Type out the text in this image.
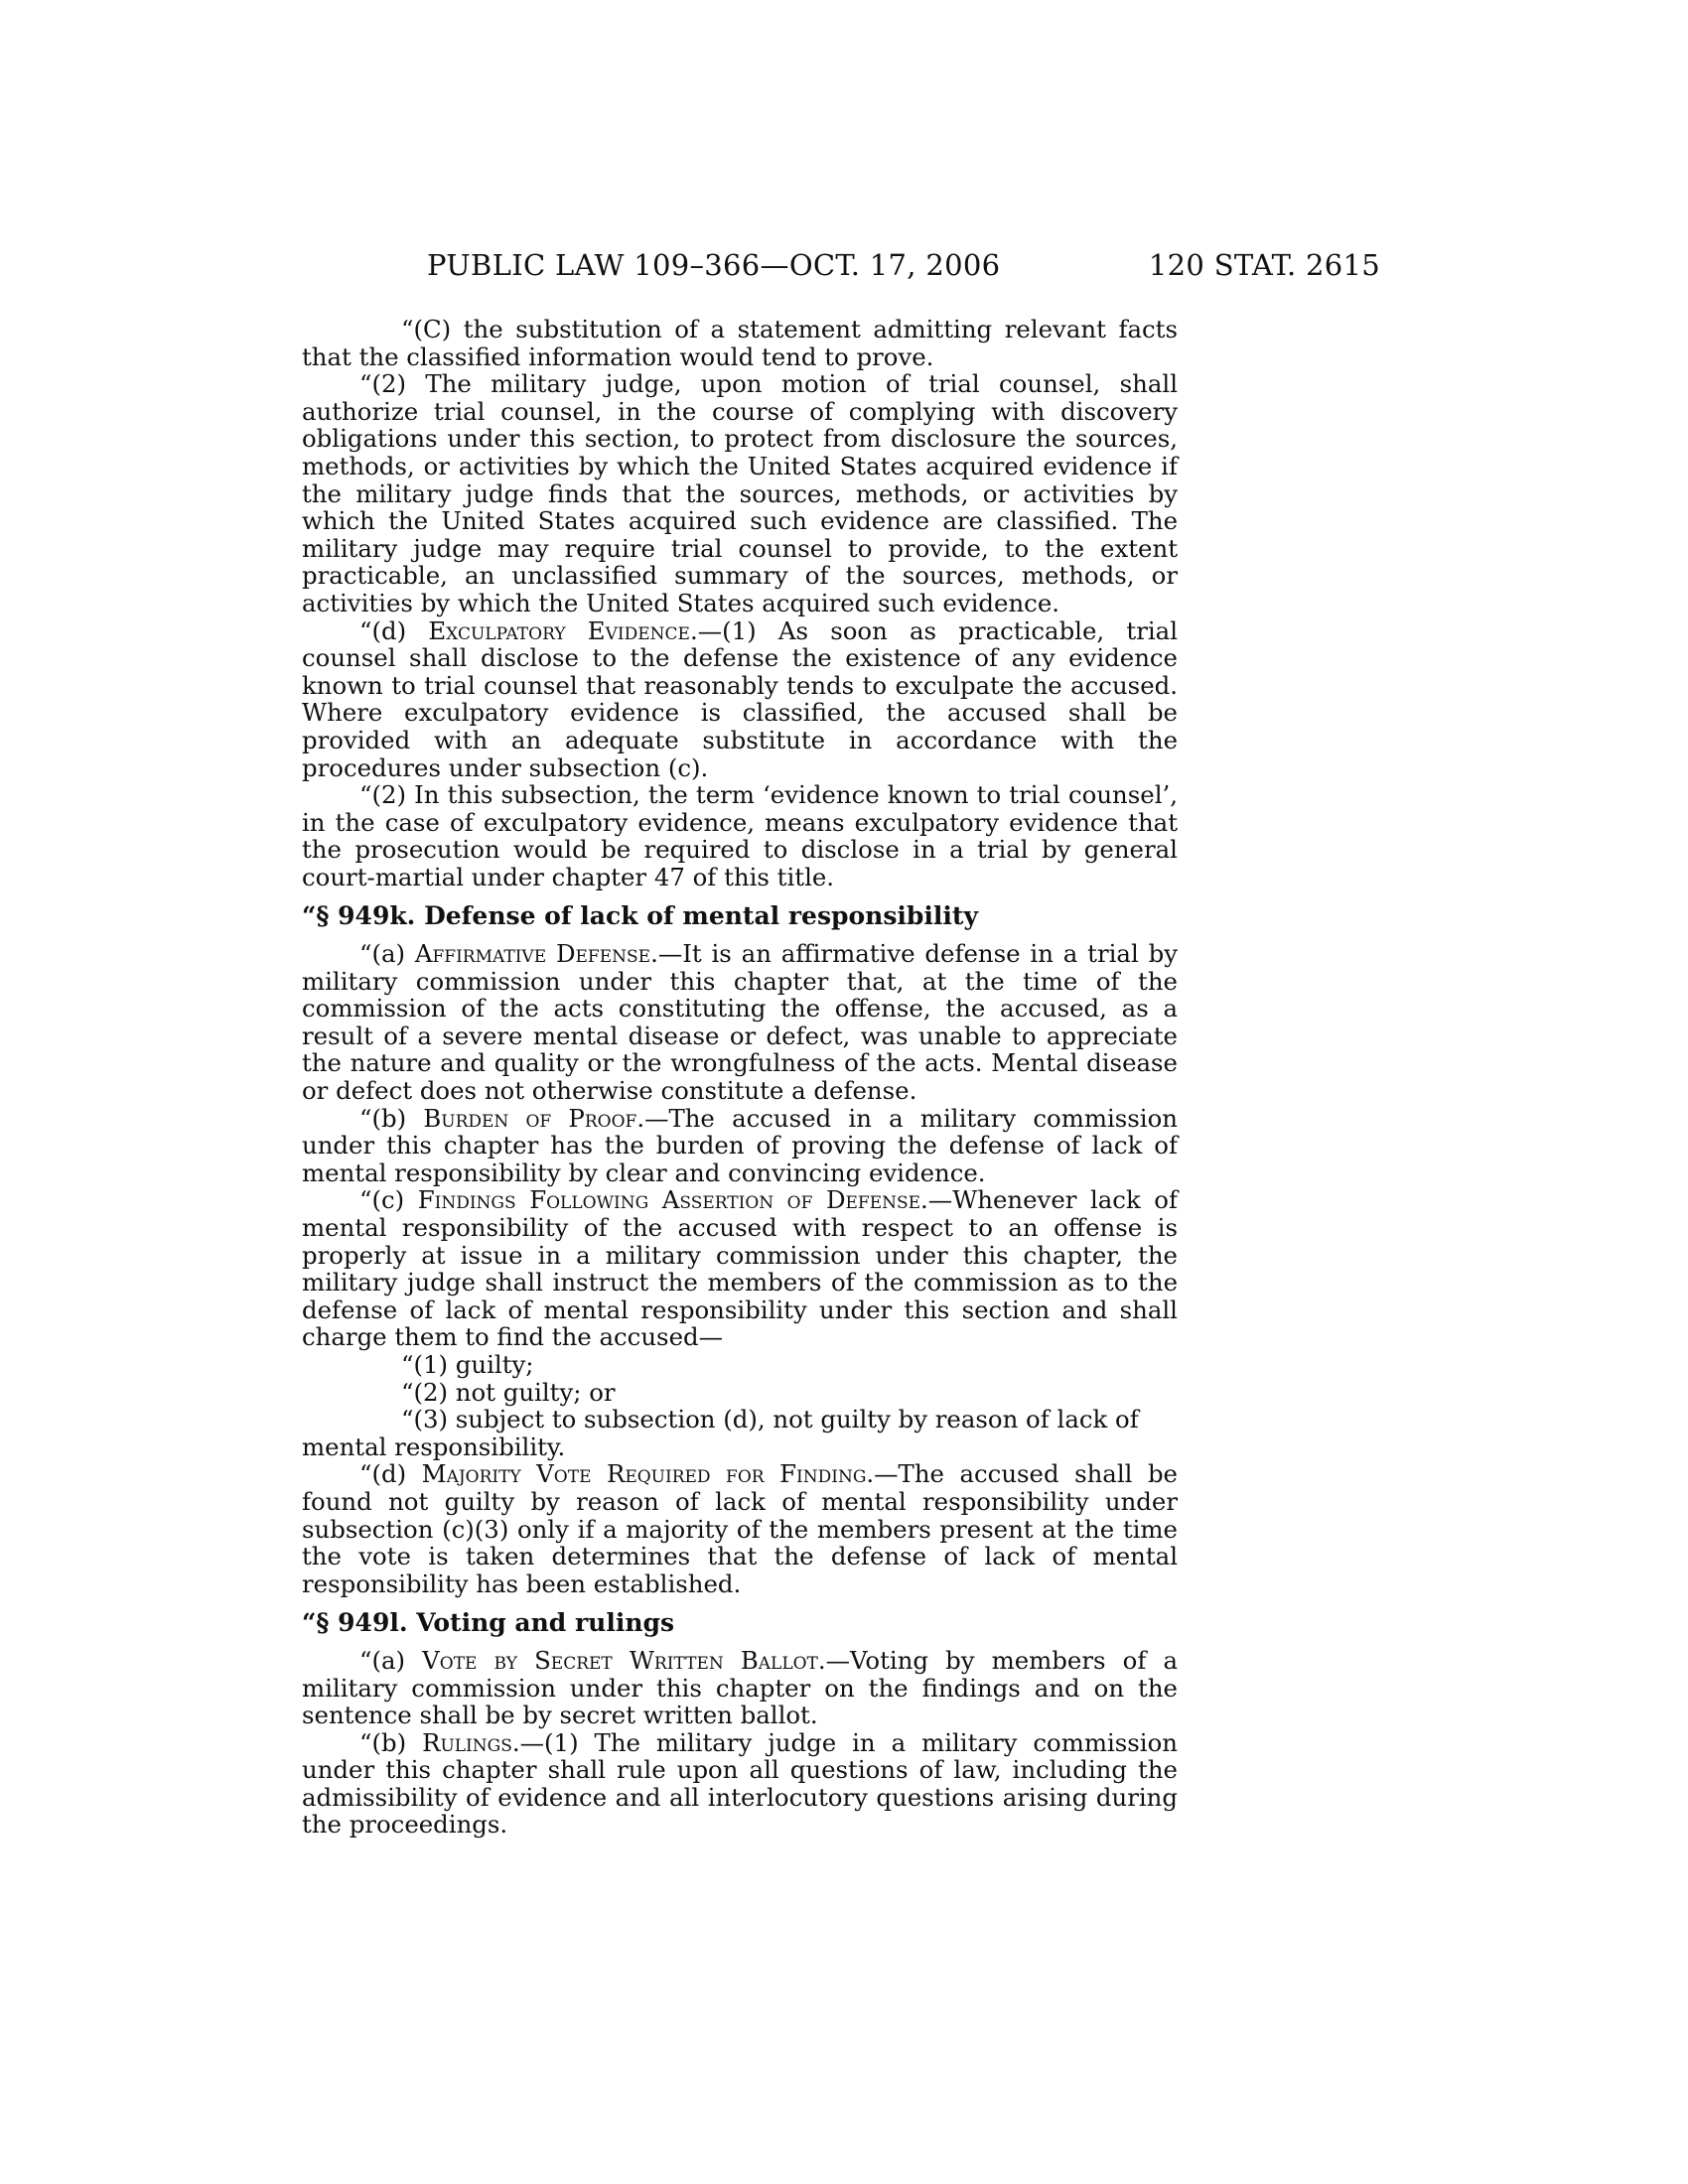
PUBLIC LAW 109–366—OCT. 17, 2006	120 STAT. 2615

“(C) the substitution of a statement admitting relevant facts that the classified information would tend to prove.

“(2) The military judge, upon motion of trial counsel, shall authorize trial counsel, in the course of complying with discovery obligations under this section, to protect from disclosure the sources, methods, or activities by which the United States acquired evidence if the military judge finds that the sources, methods, or activities by which the United States acquired such evidence are classified. The military judge may require trial counsel to provide, to the extent practicable, an unclassified summary of the sources, methods, or activities by which the United States acquired such evidence.

“(d) Exculpatory Evidence.—(1) As soon as practicable, trial counsel shall disclose to the defense the existence of any evidence known to trial counsel that reasonably tends to exculpate the accused. Where exculpatory evidence is classified, the accused shall be provided with an adequate substitute in accordance with the procedures under subsection (c).

“(2) In this subsection, the term ‘evidence known to trial counsel’, in the case of exculpatory evidence, means exculpatory evidence that the prosecution would be required to disclose in a trial by general court-martial under chapter 47 of this title.

“§ 949k. Defense of lack of mental responsibility

“(a) Affirmative Defense.—It is an affirmative defense in a trial by military commission under this chapter that, at the time of the commission of the acts constituting the offense, the accused, as a result of a severe mental disease or defect, was unable to appreciate the nature and quality or the wrongfulness of the acts. Mental disease or defect does not otherwise constitute a defense.

“(b) Burden of Proof.—The accused in a military commission under this chapter has the burden of proving the defense of lack of mental responsibility by clear and convincing evidence.

“(c) Findings Following Assertion of Defense.—Whenever lack of mental responsibility of the accused with respect to an offense is properly at issue in a military commission under this chapter, the military judge shall instruct the members of the commission as to the defense of lack of mental responsibility under this section and shall charge them to find the accused—

“(1) guilty;

“(2) not guilty; or

“(3) subject to subsection (d), not guilty by reason of lack of mental responsibility.

“(d) Majority Vote Required for Finding.—The accused shall be found not guilty by reason of lack of mental responsibility under subsection (c)(3) only if a majority of the members present at the time the vote is taken determines that the defense of lack of mental responsibility has been established.

“§ 949l. Voting and rulings

“(a) Vote by Secret Written Ballot.—Voting by members of a military commission under this chapter on the findings and on the sentence shall be by secret written ballot.

“(b) Rulings.—(1) The military judge in a military commission under this chapter shall rule upon all questions of law, including the admissibility of evidence and all interlocutory questions arising during the proceedings.
